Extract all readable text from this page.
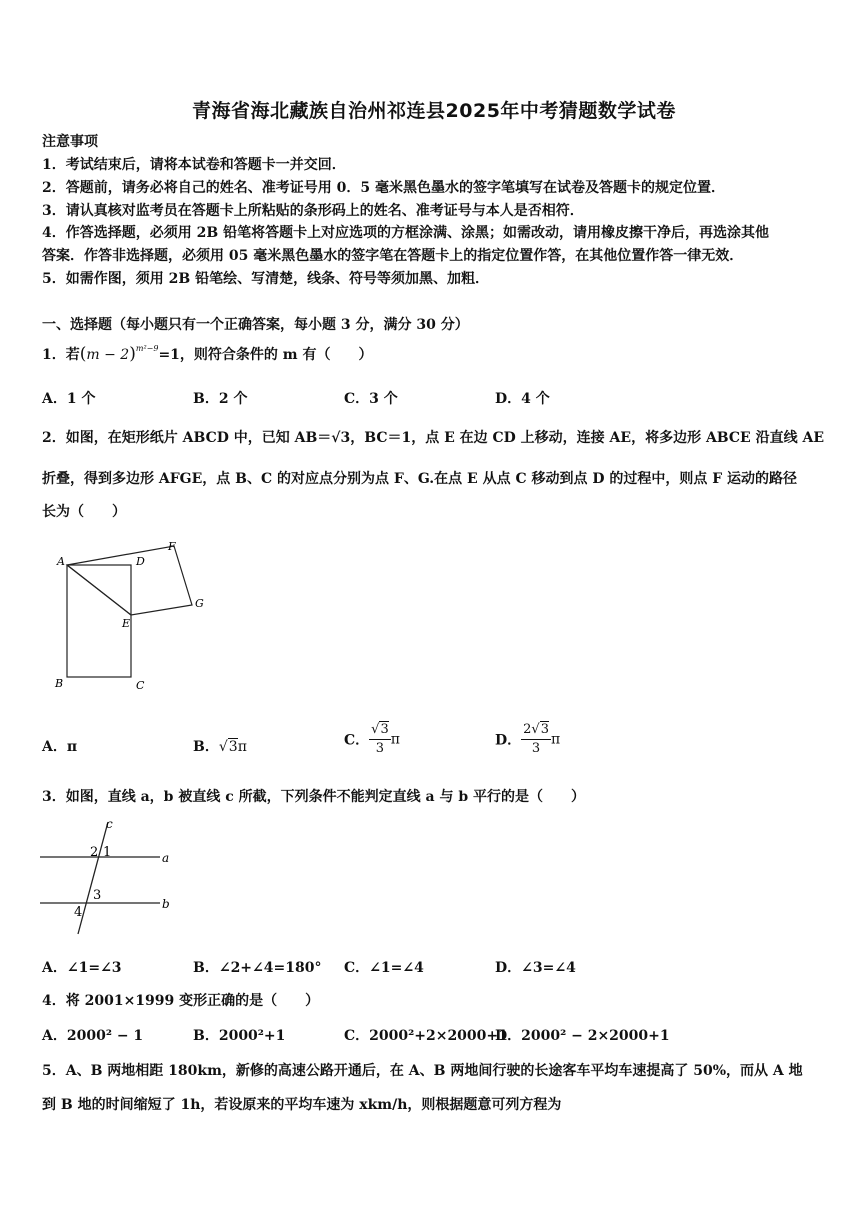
青海省海北藏族自治州祁连县2025年中考猜题数学试卷
注意事项
1．考试结束后，请将本试卷和答题卡一并交回．
2．答题前，请务必将自己的姓名、准考证号用 0．5 毫米黑色墨水的签字笔填写在试卷及答题卡的规定位置．
3．请认真核对监考员在答题卡上所粘贴的条形码上的姓名、准考证号与本人是否相符．
4．作答选择题，必须用 2B 铅笔将答题卡上对应选项的方框涂满、涂黑；如需改动，请用橡皮擦干净后，再选涂其他
答案．作答非选择题，必须用 05 毫米黑色墨水的签字笔在答题卡上的指定位置作答，在其他位置作答一律无效．
5．如需作图，须用 2B 铅笔绘、写清楚，线条、符号等须加黑、加粗．
一、选择题（每小题只有一个正确答案，每小题 3 分，满分 30 分）
1．若$(m - 2)^{m^2-9}=1$，则符合条件的 m 有（　　）
A．1 个	B．2 个	C．3 个	D．4 个
2．如图，在矩形纸片 ABCD 中，已知 AB＝√3，BC＝1，点 E 在边 CD 上移动，连接 AE，将多边形 ABCE 沿直线 AE
折叠，得到多边形 AFGE，点 B、C 的对应点分别为点 F、G.在点 E 从点 C 移动到点 D 的过程中，则点 F 运动的路径
长为（　　）
A	D
F
G
E
B	C
A．π	B．√3π	C． $\frac{√3}{3}$ π	D． $\frac{2√3}{3}$ π
3．如图，直线 a，b 被直线 c 所截，下列条件不能判定直线 a 与 b 平行的是（　　）
c
a
b
2 1
3
4
A．∠1=∠3	B．∠2+∠4=180° C．∠1=∠4	D．∠3=∠4
4．将 2001×1999 变形正确的是（　　）
A．2000² − 1	B．2000²+1	C．2000²+2×2000+1
D．2000² − 2×2000+1
5．A、B 两地相距 180km，新修的高速公路开通后，在 A、B 两地间行驶的长途客车平均车速提高了 50%，而从 A 地
到 B 地的时间缩短了 1h，若设原来的平均车速为 xkm/h，则根据题意可列方程为
